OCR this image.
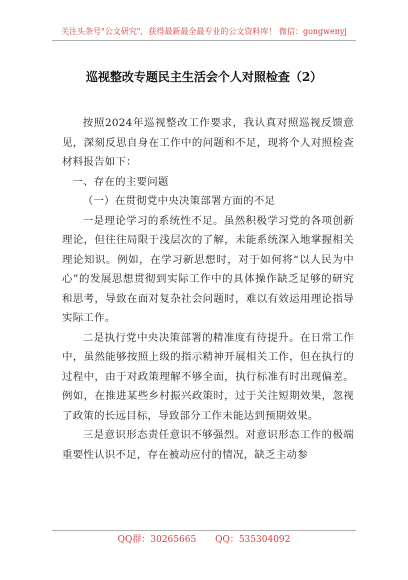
关注头条号"公文研究"，获得最新最全最专业的公文资料库！ 微信：gongwenyj
巡视整改专题民主生活会个人对照检查（2）

按照2024年巡视整改工作要求，我认真对照巡视反馈意见，深刻反思自身在工作中的问题和不足，现将个人对照检查材料报告如下：

一、存在的主要问题

（一）在贯彻党中央决策部署方面的不足

一是理论学习的系统性不足。虽然积极学习党的各项创新理论，但往往局限于浅层次的了解，未能系统深入地掌握相关理论知识。例如，在学习新思想时，对于如何将“以人民为中心”的发展思想贯彻到实际工作中的具体操作缺乏足够的研究和思考，导致在面对复杂社会问题时，难以有效运用理论指导实际工作。

二是执行党中央决策部署的精准度有待提升。在日常工作中，虽然能够按照上级的指示精神开展相关工作，但在执行的过程中，由于对政策理解不够全面，执行标准有时出现偏差。例如，在推进某些乡村振兴政策时，过于关注短期效果，忽视了政策的长远目标，导致部分工作未能达到预期效果。

三是意识形态责任意识不够强烈。对意识形态工作的极端重要性认识不足，存在被动应付的情况，缺乏主动参

QQ群：30265665 QQ：535304092
